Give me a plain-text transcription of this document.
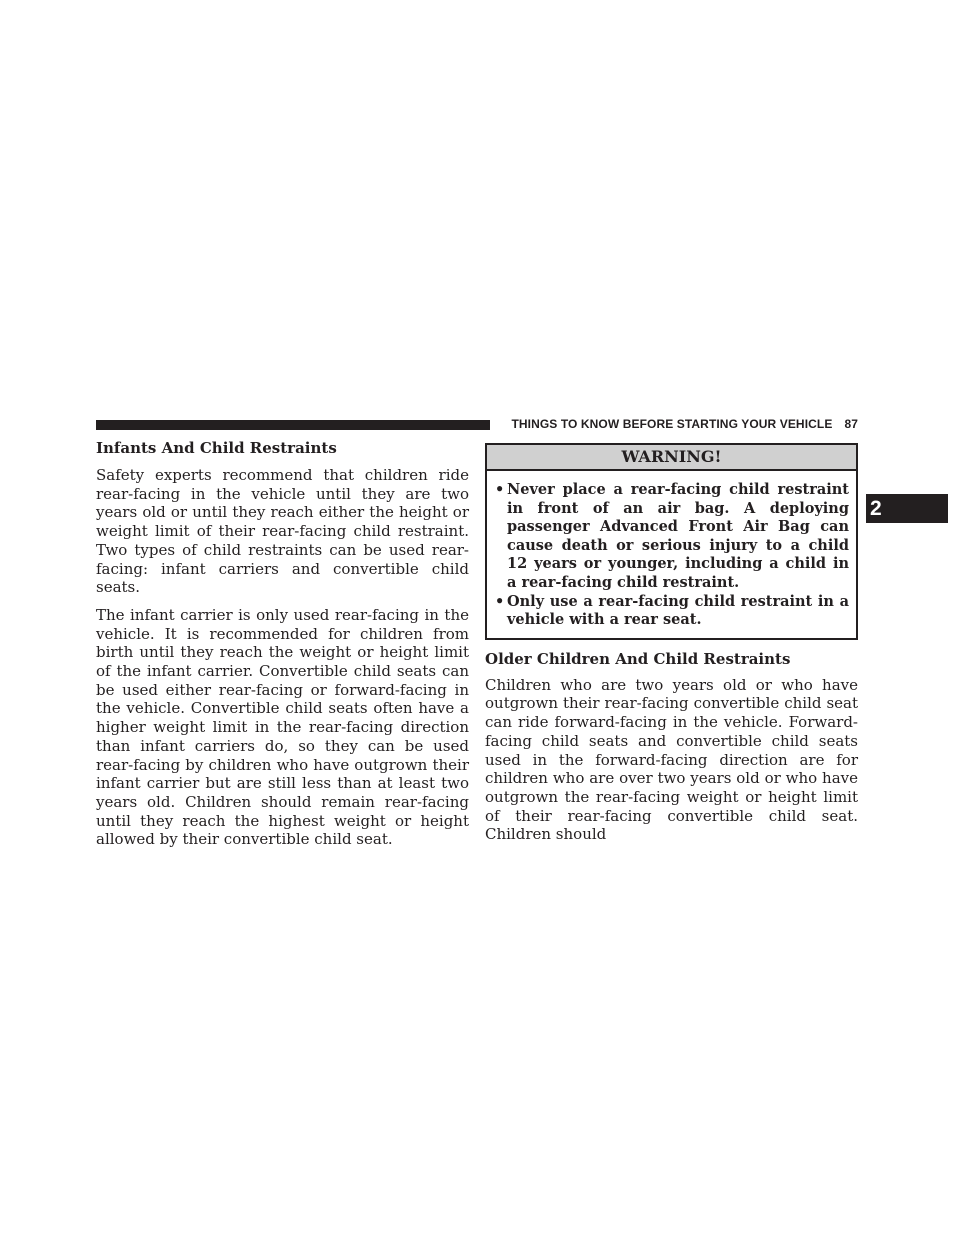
THINGS TO KNOW BEFORE STARTING YOUR VEHICLE 87
2
Infants And Child Restraints

Safety experts recommend that children ride rear-facing in the vehicle until they are two years old or until they reach either the height or weight limit of their rear-facing child restraint. Two types of child restraints can be used rear-facing: infant carriers and convertible child seats.

The infant carrier is only used rear-facing in the vehicle. It is recommended for children from birth until they reach the weight or height limit of the infant carrier. Convertible child seats can be used either rear-facing or forward-facing in the vehicle. Convertible child seats often have a higher weight limit in the rear-facing direction than infant carriers do, so they can be used rear-facing by children who have outgrown their infant carrier but are still less than at least two years old. Children should remain rear-facing until they reach the highest weight or height allowed by their convertible child seat.

WARNING!
• Never place a rear-facing child restraint in front of an air bag. A deploying passenger Advanced Front Air Bag can cause death or serious injury to a child 12 years or younger, including a child in a rear-facing child restraint.
• Only use a rear-facing child restraint in a vehicle with a rear seat.
Older Children And Child Restraints

Children who are two years old or who have outgrown their rear-facing convertible child seat can ride forward-facing in the vehicle. Forward-facing child seats and convertible child seats used in the forward-facing direction are for children who are over two years old or who have outgrown the rear-facing weight or height limit of their rear-facing convertible child seat. Children should
